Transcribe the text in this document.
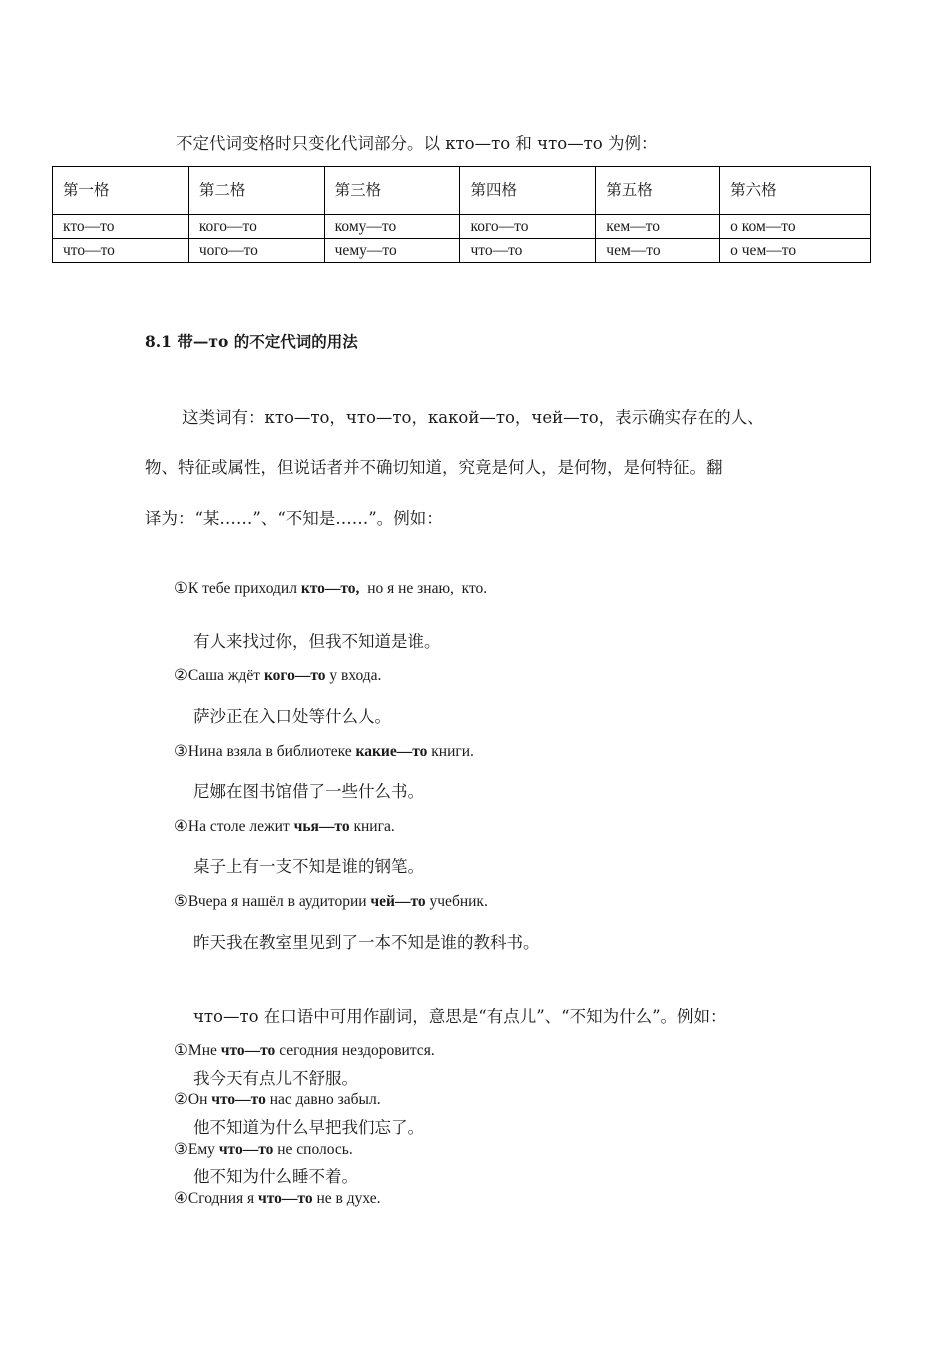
不定代词变格时只变化代词部分。以 кто—то 和 что—то 为例：
第一格	第二格	第三格	第四格	第五格	第六格
кто—то	кого—то	кому—то	кого—то	кем—то	о ком—то
что—то	чого—то	чему—то	что—то	чем—то	о чем—то
8.1 带—то 的不定代词的用法
这类词有：кто—то，что—то，какой—то，чей—то，表示确实存在的人、
物、特征或属性，但说话者并不确切知道，究竟是何人，是何物，是何特征。翻
译为：“某……”、“不知是……”。例如：
①К тебе приходил кто—то,  но я не знаю,  кто.
有人来找过你，但我不知道是谁。
②Саша ждёт кого—то у входа.
萨沙正在入口处等什么人。
③Нина взяла в библиотеке какие—то книги.
尼娜在图书馆借了一些什么书。
④На столе лежит чья—то книга.
桌子上有一支不知是谁的钢笔。
⑤Вчера я нашёл в аудитории чей—то учебник.
昨天我在教室里见到了一本不知是谁的教科书。
что—то 在口语中可用作副词，意思是“有点儿”、“不知为什么”。例如：
①Мне что—то сегодния нездоровится.
我今天有点儿不舒服。
②Он что—то нас давно забыл.
他不知道为什么早把我们忘了。
③Ему что—то не сполось.
他不知为什么睡不着。
④Сгодния я что—то не в духе.
